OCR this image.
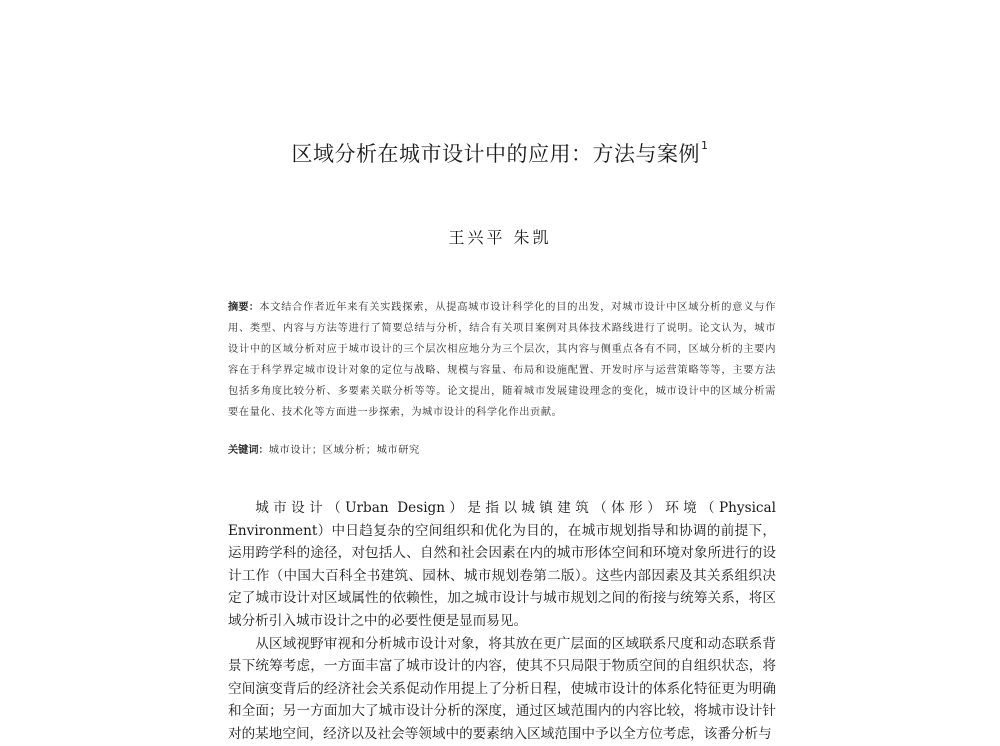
区域分析在城市设计中的应用：方法与案例$^1$
王兴平 朱凯
摘要：本文结合作者近年来有关实践探索，从提高城市设计科学化的目的出发，对城市设计中区域分析的意义与作用、类型、内容与方法等进行了简要总结与分析，结合有关项目案例对具体技术路线进行了说明。论文认为，城市设计中的区域分析对应于城市设计的三个层次相应地分为三个层次，其内容与侧重点各有不同，区域分析的主要内容在于科学界定城市设计对象的定位与战略、规模与容量、布局和设施配置、开发时序与运营策略等等，主要方法包括多角度比较分析、多要素关联分析等等。论文提出，随着城市发展建设理念的变化，城市设计中的区域分析需要在量化、技术化等方面进一步探索，为城市设计的科学化作出贡献。
关键词：城市设计；区域分析；城市研究

城市设计（Urban Design）是指以城镇建筑（体形）环境（Physical Environment）中日趋复杂的空间组织和优化为目的，在城市规划指导和协调的前提下，运用跨学科的途径，对包括人、自然和社会因素在内的城市形体空间和环境对象所进行的设计工作（中国大百科全书建筑、园林、城市规划卷第二版）。这些内部因素及其关系组织决定了城市设计对区域属性的依赖性，加之城市设计与城市规划之间的衔接与统筹关系，将区域分析引入城市设计之中的必要性便是显而易见。

从区域视野审视和分析城市设计对象，将其放在更广层面的区域联系尺度和动态联系背景下统筹考虑，一方面丰富了城市设计的内容，使其不只局限于物质空间的自组织状态，将空间演变背后的经济社会关系促动作用提上了分析日程，使城市设计的体系化特征更为明确和全面；另一方面加大了城市设计分析的深度，通过区域范围内的内容比较，将城市设计针对的某地空间，经济以及社会等领域中的要素纳入区域范围中予以全方位考虑，该番分析与
